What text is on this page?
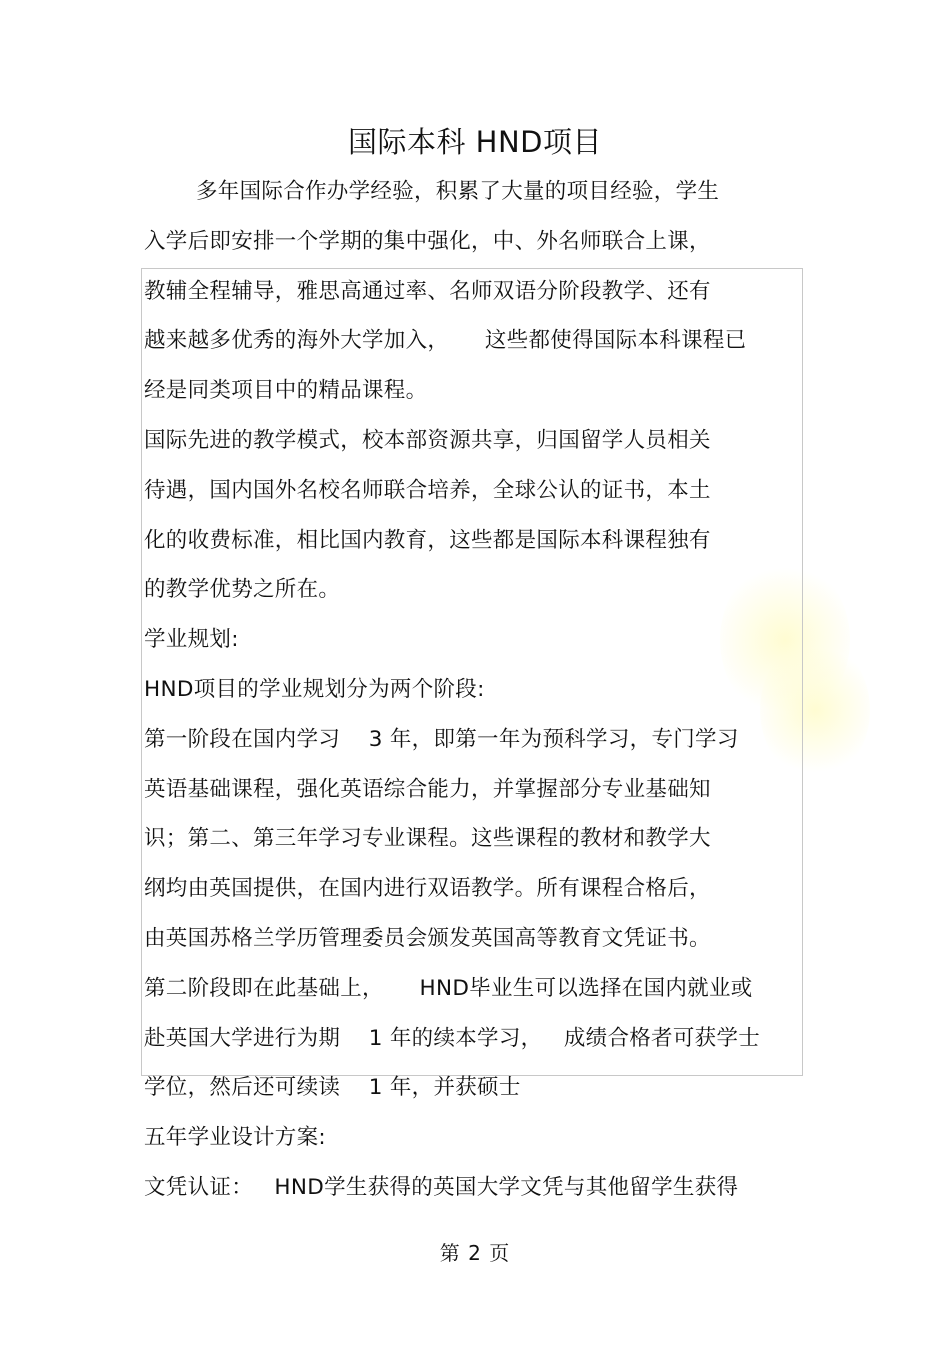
国际本科 HND项目
多年国际合作办学经验，积累了大量的项目经验，学生
入学后即安排一个学期的集中强化，中、外名师联合上课，
教辅全程辅导，雅思高通过率、名师双语分阶段教学、还有
越来越多优秀的海外大学加入，     这些都使得国际本科课程已
经是同类项目中的精品课程。
国际先进的教学模式，校本部资源共享，归国留学人员相关
待遇，国内国外名校名师联合培养，全球公认的证书，本土
化的收费标准，相比国内教育，这些都是国际本科课程独有
的教学优势之所在。
学业规划:
HND项目的学业规划分为两个阶段:
第一阶段在国内学习    3 年，即第一年为预科学习，专门学习
英语基础课程，强化英语综合能力，并掌握部分专业基础知
识；第二、第三年学习专业课程。这些课程的教材和教学大
纲均由英国提供，在国内进行双语教学。所有课程合格后，
由英国苏格兰学历管理委员会颁发英国高等教育文凭证书。
第二阶段即在此基础上，     HND毕业生可以选择在国内就业或
赴英国大学进行为期    1 年的续本学习，   成绩合格者可获学士
学位，然后还可续读    1 年，并获硕士
五年学业设计方案:
文凭认证：   HND学生获得的英国大学文凭与其他留学生获得
第 2 页
